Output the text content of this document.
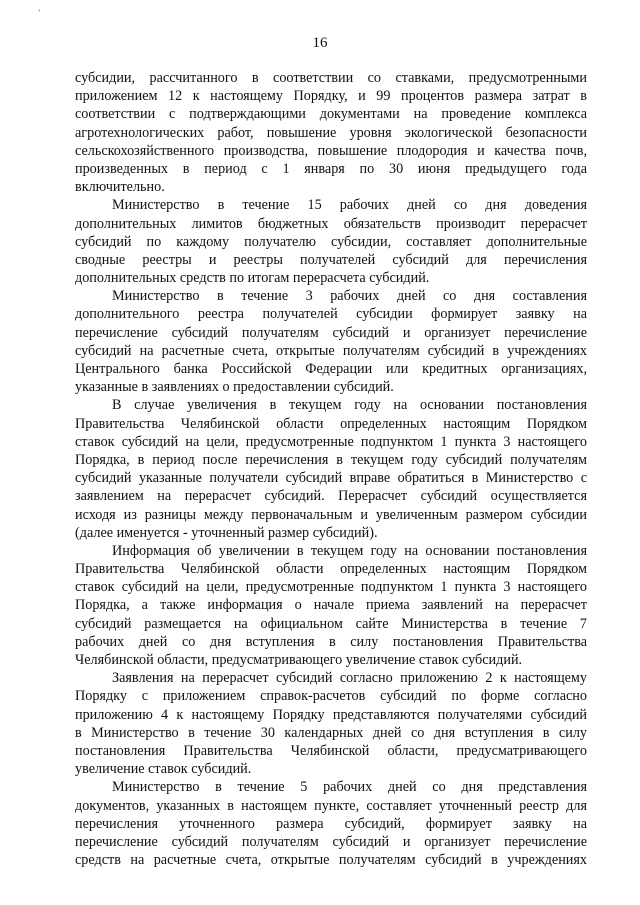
‛
16
субсидии, рассчитанного в соответствии со ставками, предусмотренными
приложением 12 к настоящему Порядку, и 99 процентов размера затрат в
соответствии с подтверждающими документами на проведение комплекса
агротехнологических работ, повышение уровня экологической безопасности
сельскохозяйственного производства, повышение плодородия и качества почв,
произведенных в период с 1 января по 30 июня предыдущего года
включительно.
Министерство в течение 15 рабочих дней со дня доведения
дополнительных лимитов бюджетных обязательств производит перерасчет
субсидий по каждому получателю субсидии, составляет дополнительные
сводные реестры и реестры получателей субсидий для перечисления
дополнительных средств по итогам перерасчета субсидий.
Министерство в течение 3 рабочих дней со дня составления
дополнительного реестра получателей субсидии формирует заявку на
перечисление субсидий получателям субсидий и организует перечисление
субсидий на расчетные счета, открытые получателям субсидий в учреждениях
Центрального банка Российской Федерации или кредитных организациях,
указанные в заявлениях о предоставлении субсидий.
В случае увеличения в текущем году на основании постановления
Правительства Челябинской области определенных настоящим Порядком
ставок субсидий на цели, предусмотренные подпунктом 1 пункта 3 настоящего
Порядка, в период после перечисления в текущем году субсидий получателям
субсидий указанные получатели субсидий вправе обратиться в Министерство с
заявлением на перерасчет субсидий. Перерасчет субсидий осуществляется
исходя из разницы между первоначальным и увеличенным размером субсидии
(далее именуется - уточненный размер субсидий).
Информация об увеличении в текущем году на основании постановления
Правительства Челябинской области определенных настоящим Порядком
ставок субсидий на цели, предусмотренные подпунктом 1 пункта 3 настоящего
Порядка, а также информация о начале приема заявлений на перерасчет
субсидий размещается на официальном сайте Министерства в течение 7
рабочих дней со дня вступления в силу постановления Правительства
Челябинской области, предусматривающего увеличение ставок субсидий.
Заявления на перерасчет субсидий согласно приложению 2 к настоящему
Порядку с приложением справок-расчетов субсидий по форме согласно
приложению 4 к настоящему Порядку представляются получателями субсидий
в Министерство в течение 30 календарных дней со дня вступления в силу
постановления Правительства Челябинской области, предусматривающего
увеличение ставок субсидий.
Министерство в течение 5 рабочих дней со дня представления
документов, указанных в настоящем пункте, составляет уточненный реестр для
перечисления уточненного размера субсидий, формирует заявку на
перечисление субсидий получателям субсидий и организует перечисление
средств на расчетные счета, открытые получателям субсидий в учреждениях
